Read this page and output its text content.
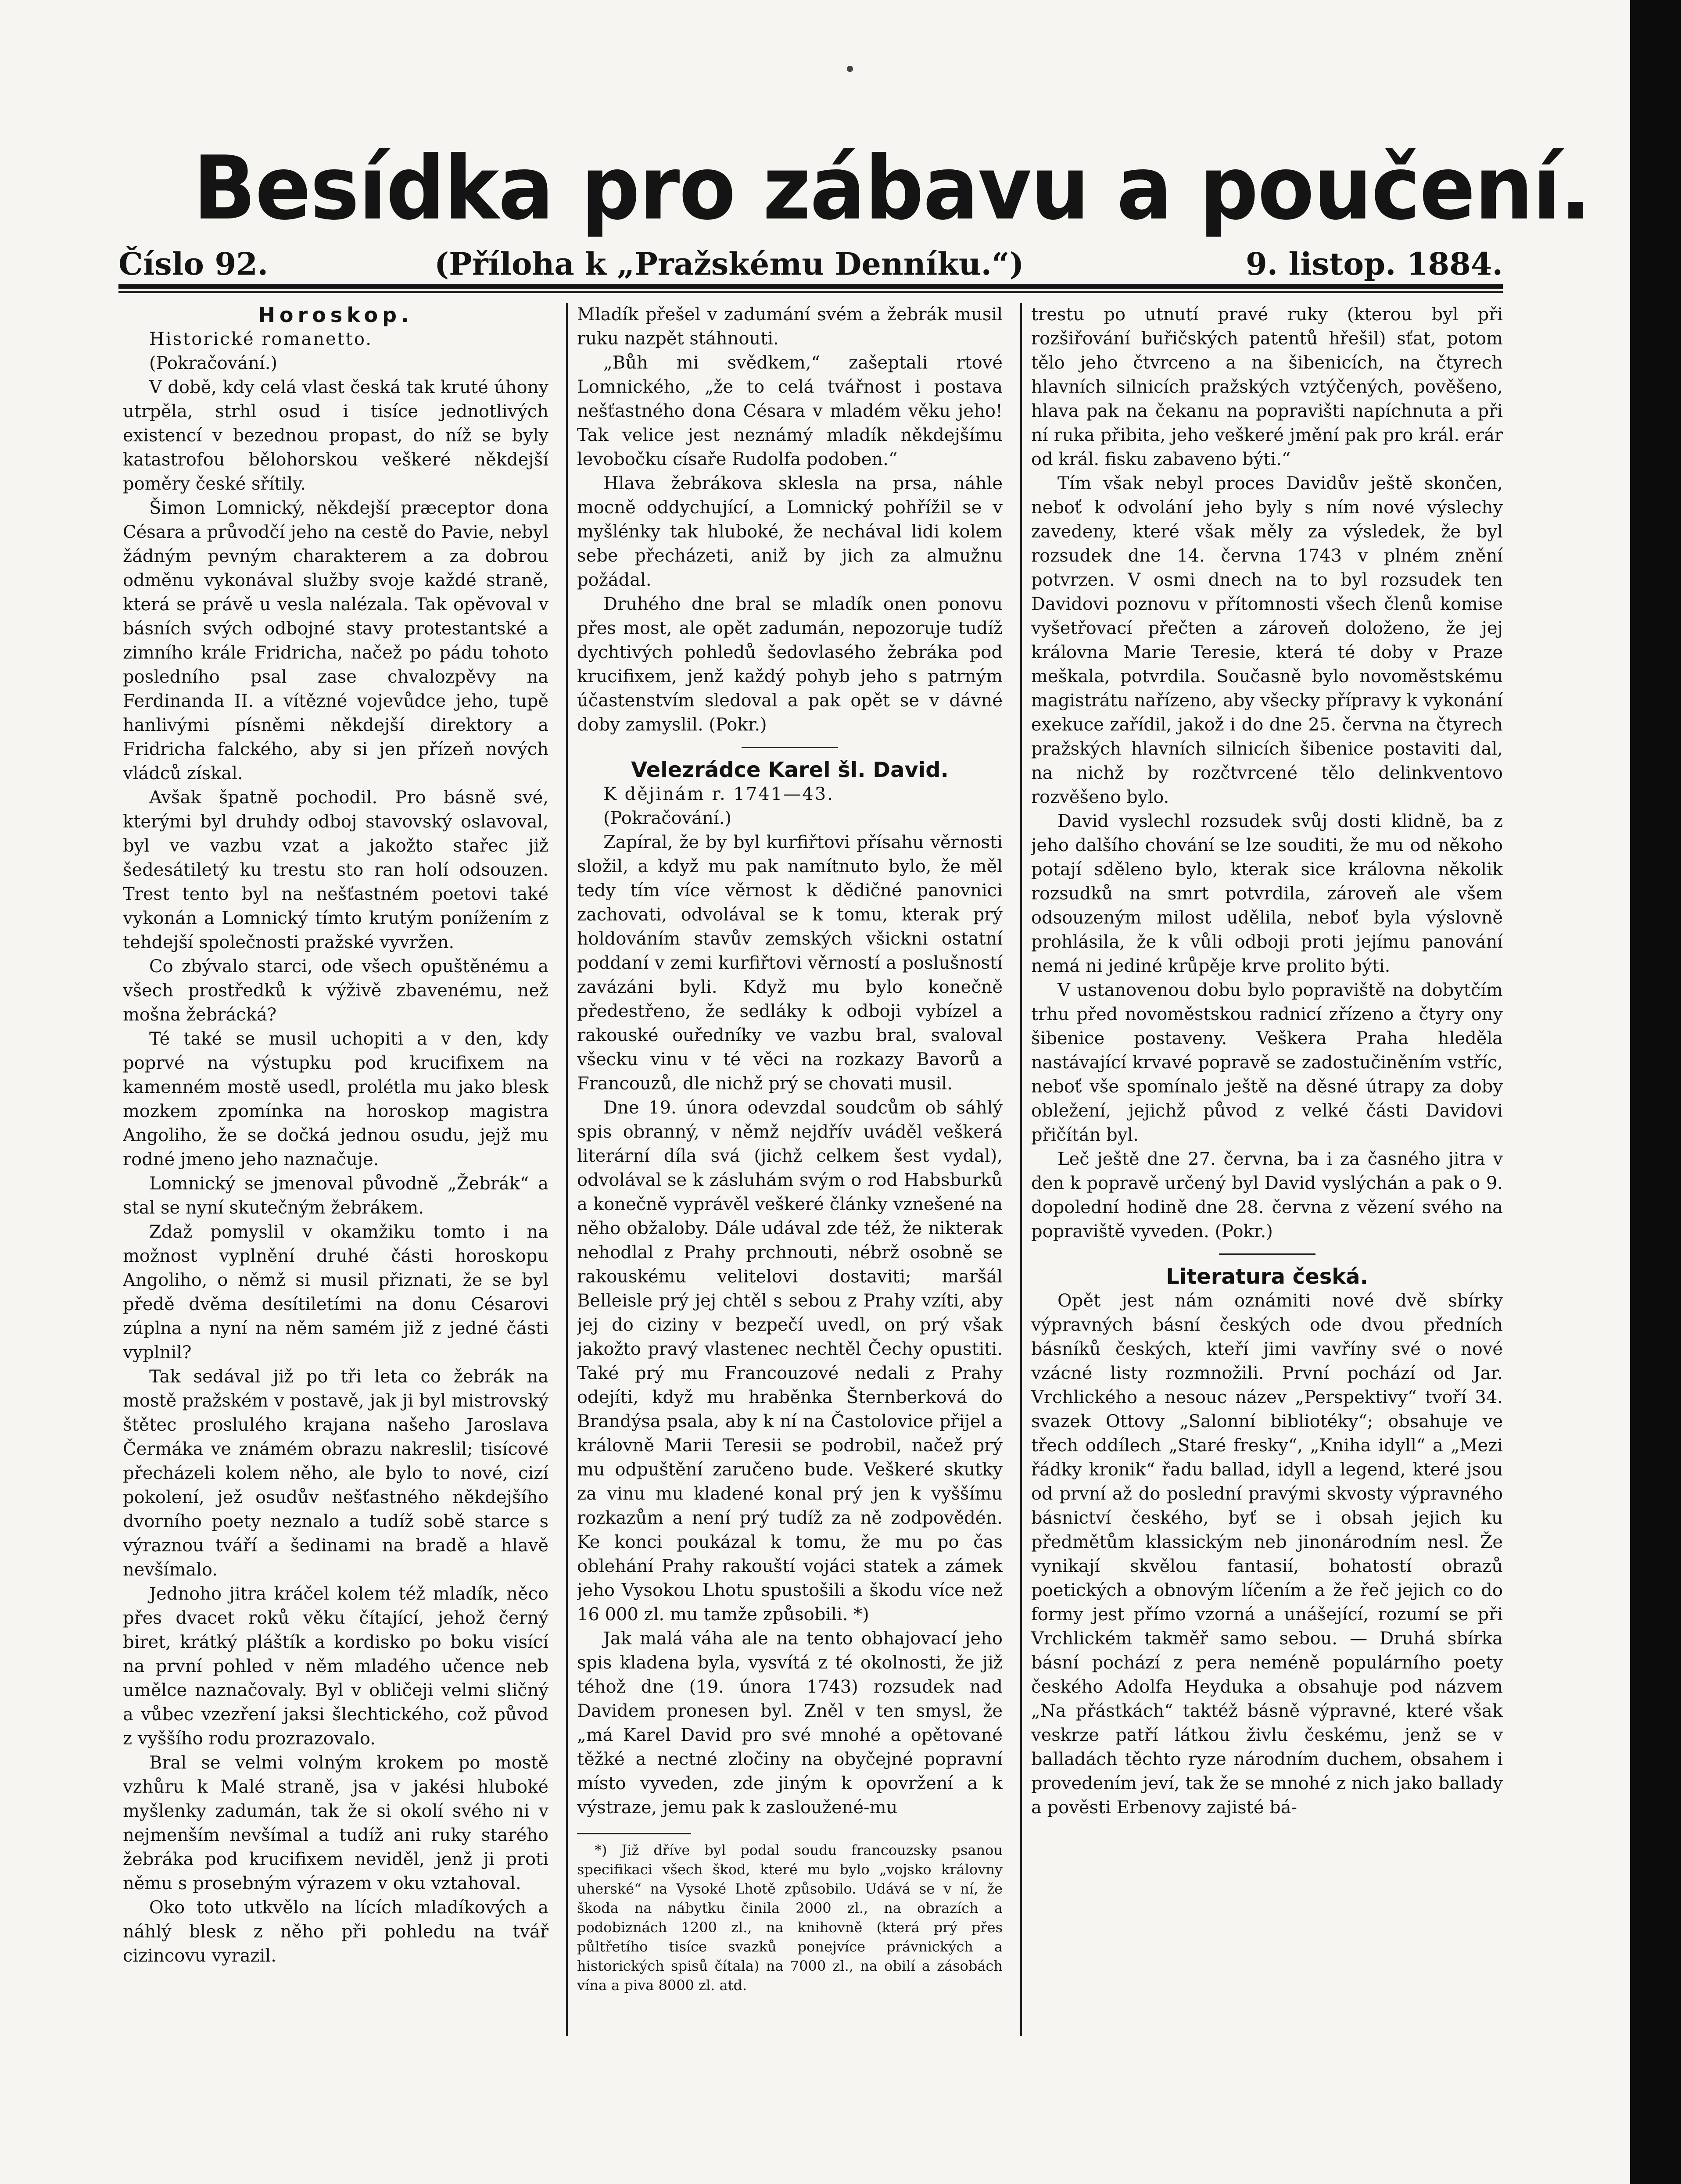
Besídka pro zábavu a poučení.
Číslo 92.	(Příloha k „Pražskému Denníku.“)	9. listop. 1884.
Horoskop.

Historické romanetto.

(Pokračování.)

V době, kdy celá vlast česká tak kruté úhony utrpěla, strhl osud i tisíce jednotlivých existencí v bezednou propast, do níž se byly katastrofou bělohorskou veškeré někdejší poměry české sřítily.

Šimon Lomnický, někdejší præceptor dona Césara a průvodčí jeho na cestě do Pavie, nebyl žádným pevným charakterem a za dobrou odměnu vykonával služby svoje každé straně, která se právě u vesla nalézala. Tak opěvoval v básních svých odbojné stavy protestantské a zimního krále Fridricha, načež po pádu tohoto posledního psal zase chvalozpěvy na Ferdinanda II. a vítězné vojevůdce jeho, tupě hanlivými písněmi někdejší direktory a Fridricha falckého, aby si jen přízeň nových vládců získal.

Avšak špatně pochodil. Pro básně své, kterými byl druhdy odboj stavovský oslavoval, byl ve vazbu vzat a jakožto stařec již šedesátiletý ku trestu sto ran holí odsouzen. Trest tento byl na nešťastném poetovi také vykonán a Lomnický tímto krutým ponížením z tehdejší společnosti pražské vyvržen.

Co zbývalo starci, ode všech opuštěnému a všech prostředků k výživě zbavenému, než mošna žebrácká?

Té také se musil uchopiti a v den, kdy poprvé na výstupku pod krucifixem na kamenném mostě usedl, prolétla mu jako blesk mozkem zpomínka na horoskop magistra Angoliho, že se dočká jednou osudu, jejž mu rodné jmeno jeho naznačuje.

Lomnický se jmenoval původně „Žebrák“ a stal se nyní skutečným žebrákem.

Zdaž pomyslil v okamžiku tomto i na možnost vyplnění druhé části horoskopu Angoliho, o němž si musil přiznati, že se byl předě dvěma desítiletími na donu Césarovi zúplna a nyní na něm samém již z jedné části vyplnil?

Tak sedával již po tři leta co žebrák na mostě pražském v postavě, jak ji byl mistrovský štětec proslulého krajana našeho Jaroslava Čermáka ve známém obrazu nakreslil; tisícové přecházeli kolem něho, ale bylo to nové, cizí pokolení, jež osudův nešťastného někdejšího dvorního poety neznalo a tudíž sobě starce s výraznou tváří a šedinami na bradě a hlavě nevšímalo.

Jednoho jitra kráčel kolem též mladík, něco přes dvacet roků věku čítající, jehož černý biret, krátký pláštík a kordisko po boku visící na první pohled v něm mladého učence neb umělce naznačovaly. Byl v obličeji velmi sličný a vůbec vzezření jaksi šlechtického, což původ z vyššího rodu prozrazovalo.

Bral se velmi volným krokem po mostě vzhůru k Malé straně, jsa v jakési hluboké myšlenky zadumán, tak že si okolí svého ni v nejmenším nevšímal a tudíž ani ruky starého žebráka pod krucifixem neviděl, jenž ji proti němu s prosebným výrazem v oku vztahoval.

Oko toto utkvělo na lících mladíkových a náhlý blesk z něho při pohledu na tvář cizincovu vyrazil.

Mladík přešel v zadumání svém a žebrák musil ruku nazpět stáhnouti.

„Bůh mi svědkem,“ zašeptali rtové Lomnického, „že to celá tvářnost i postava nešťastného dona Césara v mladém věku jeho! Tak velice jest neznámý mladík někdejšímu levobočku císaře Rudolfa podoben.“

Hlava žebrákova sklesla na prsa, náhle mocně oddychující, a Lomnický pohřížil se v myšlénky tak hluboké, že nechával lidi kolem sebe přecházeti, aniž by jich za almužnu požádal.

Druhého dne bral se mladík onen ponovu přes most, ale opět zadumán, nepozoruje tudíž dychtivých pohledů šedovlasého žebráka pod krucifixem, jenž každý pohyb jeho s patrným účastenstvím sledoval a pak opět se v dávné doby zamyslil. (Pokr.)

Velezrádce Karel šl. David.

K dějinám r. 1741—43.

(Pokračování.)

Zapíral, že by byl kurfiřtovi přísahu věrnosti složil, a když mu pak namítnuto bylo, že měl tedy tím více věrnost k dědičné panovnici zachovati, odvolával se k tomu, kterak prý holdováním stavův zemských všickni ostatní poddaní v zemi kurfiřtovi věrností a poslušností zavázáni byli. Když mu bylo konečně předestřeno, že sedláky k odboji vybízel a rakouské ouředníky ve vazbu bral, svaloval všecku vinu v té věci na rozkazy Bavorů a Francouzů, dle nichž prý se chovati musil.

Dne 19. února odevzdal soudcům ob sáhlý spis obranný, v němž nejdřív uváděl veškerá literární díla svá (jichž celkem šest vydal), odvolával se k zásluhám svým o rod Habsburků a konečně vyprávěl veškeré články vznešené na něho obžaloby. Dále udával zde též, že nikterak nehodlal z Prahy prchnouti, nébrž osobně se rakouskému velitelovi dostaviti; maršál Belleisle prý jej chtěl s sebou z Prahy vzíti, aby jej do ciziny v bezpečí uvedl, on prý však jakožto pravý vlastenec nechtěl Čechy opustiti. Také prý mu Francouzové nedali z Prahy odejíti, když mu hraběnka Šternberková do Brandýsa psala, aby k ní na Častolovice přijel a královně Marii Teresii se podrobil, načež prý mu odpuštění zaručeno bude. Veškeré skutky za vinu mu kladené konal prý jen k vyššímu rozkazům a není prý tudíž za ně zodpovědén. Ke konci poukázal k tomu, že mu po čas oblehání Prahy rakouští vojáci statek a zámek jeho Vysokou Lhotu spustošili a škodu více než 16 000 zl. mu tamže způsobili. *)

Jak malá váha ale na tento obhajovací jeho spis kladena byla, vysvítá z té okolnosti, že již téhož dne (19. února 1743) rozsudek nad Davidem pronesen byl. Zněl v ten smysl, že „má Karel David pro své mnohé a opětované těžké a nectné zločiny na obyčejné popravní místo vyveden, zde jiným k opovržení a k výstraze, jemu pak k zasloužené-mu

*) Již dříve byl podal soudu francouzsky psanou specifikaci všech škod, které mu bylo „vojsko královny uherské“ na Vysoké Lhotě způsobilo. Udává se v ní, že škoda na nábytku činila 2000 zl., na obrazích a podobiznách 1200 zl., na knihovně (která prý přes půltřetího tisíce svazků ponejvíce právnických a historických spisů čítala) na 7000 zl., na obilí a zásobách vína a piva 8000 zl. atd.

trestu po utnutí pravé ruky (kterou byl při rozšiřování buřičských patentů hřešil) sťat, potom tělo jeho čtvrceno a na šibenicích, na čtyrech hlavních silnicích pražských vztýčených, pověšeno, hlava pak na čekanu na popravišti napíchnuta a při ní ruka přibita, jeho veškeré jmění pak pro král. erár od král. fisku zabaveno býti.“

Tím však nebyl proces Davidův ještě skončen, neboť k odvolání jeho byly s ním nové výslechy zavedeny, které však měly za výsledek, že byl rozsudek dne 14. června 1743 v plném znění potvrzen. V osmi dnech na to byl rozsudek ten Davidovi poznovu v přítomnosti všech členů komise vyšetřovací přečten a zároveň doloženo, že jej královna Marie Teresie, která té doby v Praze meškala, potvrdila. Současně bylo novoměstskému magistrátu nařízeno, aby všecky přípravy k vykonání exekuce zařídil, jakož i do dne 25. června na čtyrech pražských hlavních silnicích šibenice postaviti dal, na nichž by rozčtvrcené tělo delinkventovo rozvěšeno bylo.

David vyslechl rozsudek svůj dosti klidně, ba z jeho dalšího chování se lze souditi, že mu od někoho potají sděleno bylo, kterak sice královna několik rozsudků na smrt potvrdila, zároveň ale všem odsouzeným milost udělila, neboť byla výslovně prohlásila, že k vůli odboji proti jejímu panování nemá ni jediné krůpěje krve prolito býti.

V ustanovenou dobu bylo popraviště na dobytčím trhu před novoměstskou radnicí zřízeno a čtyry ony šibenice postaveny. Veškera Praha hleděla nastávající krvavé popravě se zadostučiněním vstříc, neboť vše spomínalo ještě na děsné útrapy za doby obležení, jejichž původ z velké části Davidovi přičítán byl.

Leč ještě dne 27. června, ba i za časného jitra v den k popravě určený byl David vyslýchán a pak o 9. dopolední hodině dne 28. června z vězení svého na popraviště vyveden. (Pokr.)

Literatura česká.

Opět jest nám oznámiti nové dvě sbírky výpravných básní českých ode dvou předních básníků českých, kteří jimi vavříny své o nové vzácné listy rozmnožili. První pochází od Jar. Vrchlického a nesouc název „Perspektivy“ tvoří 34. svazek Ottovy „Salonní bibliotéky“; obsahuje ve třech oddílech „Staré fresky“, „Kniha idyll“ a „Mezi řádky kronik“ řadu ballad, idyll a legend, které jsou od první až do poslední pravými skvosty výpravného básnictví českého, byť se i obsah jejich ku předmětům klassickým neb jinonárodním nesl. Že vynikají skvělou fantasií, bohatostí obrazů poetických a obnovým líčením a že řeč jejich co do formy jest přímo vzorná a unášející, rozumí se při Vrchlickém takměř samo sebou. — Druhá sbírka básní pochází z pera neméně populárního poety českého Adolfa Heyduka a obsahuje pod názvem „Na přástkách“ taktéž básně výpravné, které však veskrze patří látkou živlu českému, jenž se v balladách těchto ryze národním duchem, obsahem i provedením jeví, tak že se mnohé z nich jako ballady a pověsti Erbenovy zajisté bá-
